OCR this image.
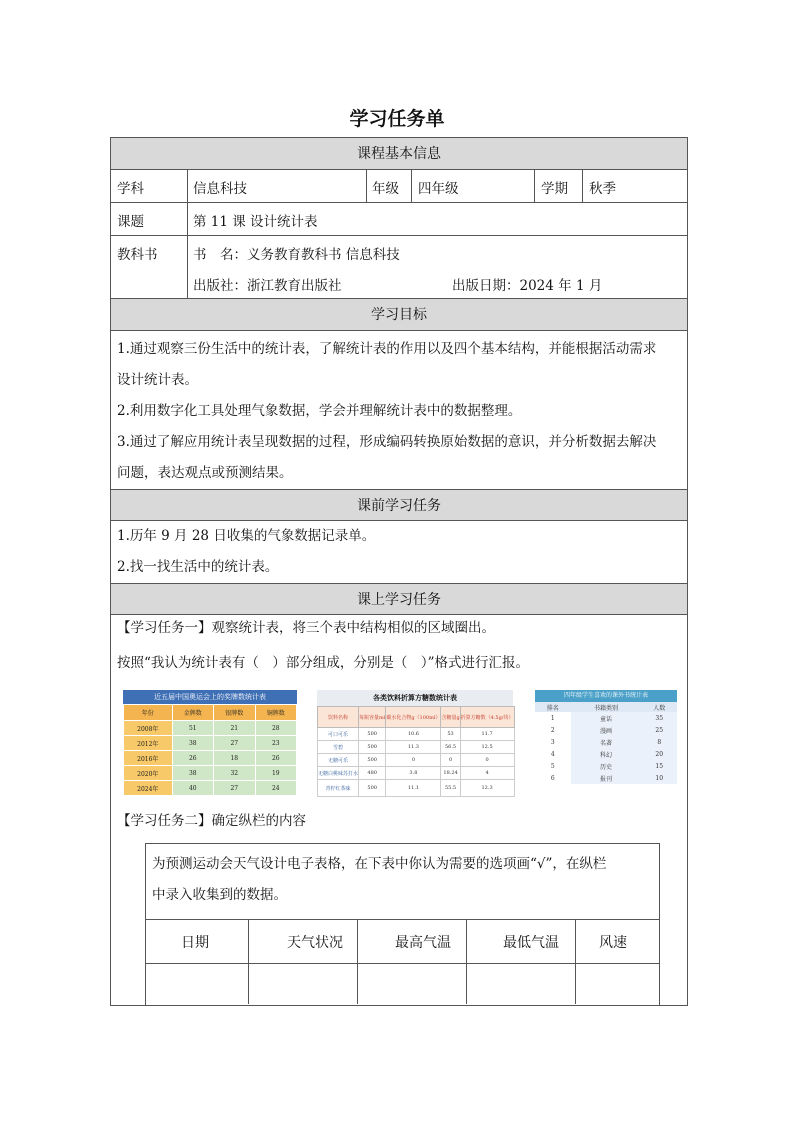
学习任务单
课程基本信息
学科	信息科技	年级 四年级	学期 秋季
课题	第 11 课 设计统计表
教科书	书　名：义务教育教科书 信息科技
出版社：浙江教育出版社	出版日期：2024 年 1 月
学习目标
1.通过观察三份生活中的统计表，了解统计表的作用以及四个基本结构，并能根据活动需求
设计统计表。
2.利用数字化工具处理气象数据，学会并理解统计表中的数据整理。
3.通过了解应用统计表呈现数据的过程，形成编码转换原始数据的意识，并分析数据去解决
问题，表达观点或预测结果。
课前学习任务
1.历年 9 月 28 日收集的气象数据记录单。
2.找一找生活中的统计表。
课上学习任务
【学习任务一】观察统计表，将三个表中结构相似的区域圈出。
按照“我认为统计表有（　）部分组成，分别是（　）”格式进行汇报。
近五届中国奥运会上的奖牌数统计表
年份	金牌数	银牌数	铜牌数
2008年	51	21	28
2012年	38	27	23
2016年	26	18	26
2020年	38	32	19
2024年	40	27	24
各类饮料折算方糖数统计表
饮料名称	每瓶容量ml	碳水化合物g（100ml）	含糖量g	折算方糖数（4.5g/块）
可口可乐	500	10.6	53	11.7
雪碧	500	11.3	56.5	12.5
无糖可乐	500	0	0	0
无糖白桃味苏打水	480	3.8	18.24	4
青柠红茶味	500	11.1	55.5	12.3
四年级学生喜欢的课外书统计表
排名	书籍类别	人数
1	童话	35
2	漫画	25
3	名著	8
4	科幻	20
5	历史	15
6	报刊	10
【学习任务二】确定纵栏的内容
为预测运动会天气设计电子表格，在下表中你认为需要的选项画“√”，在纵栏
中录入收集到的数据。
日期	天气状况	最高气温	最低气温	风速
